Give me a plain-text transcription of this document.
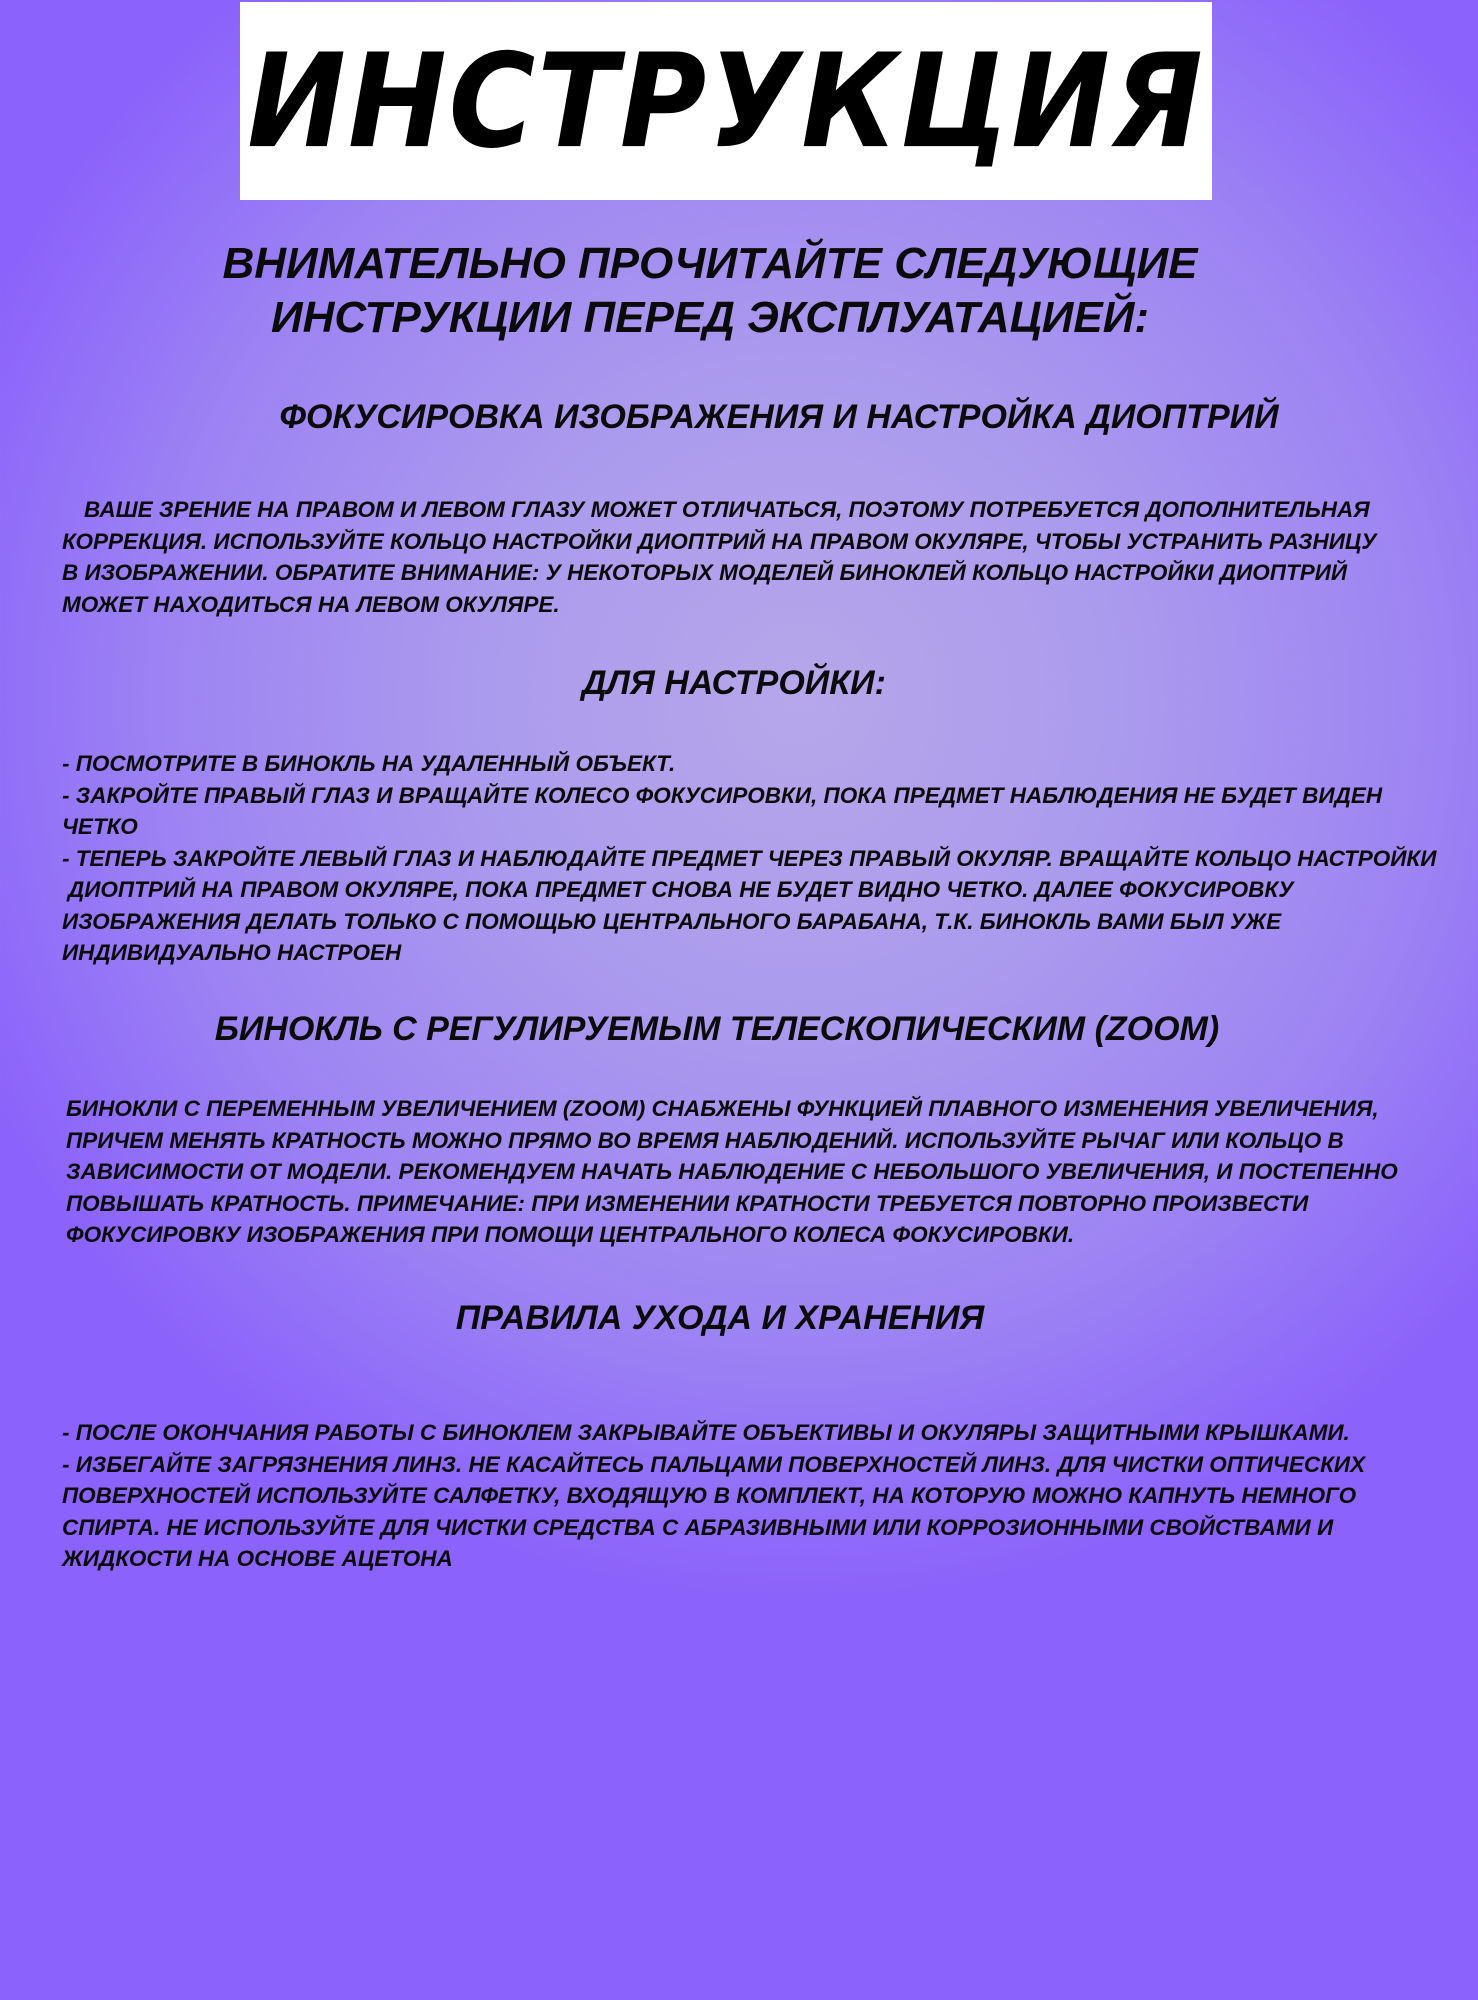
ИНСТРУКЦИЯ
ВНИМАТЕЛЬНО ПРОЧИТАЙТЕ СЛЕДУЮЩИЕ
ИНСТРУКЦИИ ПЕРЕД ЭКСПЛУАТАЦИЕЙ:
ФОКУСИРОВКА ИЗОБРАЖЕНИЯ И НАСТРОЙКА ДИОПТРИЙ
ВАШЕ ЗРЕНИЕ НА ПРАВОМ И ЛЕВОМ ГЛАЗУ МОЖЕТ ОТЛИЧАТЬСЯ, ПОЭТОМУ ПОТРЕБУЕТСЯ ДОПОЛНИТЕЛЬНАЯ
КОРРЕКЦИЯ. ИСПОЛЬЗУЙТЕ КОЛЬЦО НАСТРОЙКИ ДИОПТРИЙ НА ПРАВОМ ОКУЛЯРЕ, ЧТОБЫ УСТРАНИТЬ РАЗНИЦУ
В ИЗОБРАЖЕНИИ. ОБРАТИТЕ ВНИМАНИЕ: У НЕКОТОРЫХ МОДЕЛЕЙ БИНОКЛЕЙ КОЛЬЦО НАСТРОЙКИ ДИОПТРИЙ
МОЖЕТ НАХОДИТЬСЯ НА ЛЕВОМ ОКУЛЯРЕ.
ДЛЯ НАСТРОЙКИ:
- ПОСМОТРИТЕ В БИНОКЛЬ НА УДАЛЕННЫЙ ОБЪЕКТ.
- ЗАКРОЙТЕ ПРАВЫЙ ГЛАЗ И ВРАЩАЙТЕ КОЛЕСО ФОКУСИРОВКИ, ПОКА ПРЕДМЕТ НАБЛЮДЕНИЯ НЕ БУДЕТ ВИДЕН
ЧЕТКО
- ТЕПЕРЬ ЗАКРОЙТЕ ЛЕВЫЙ ГЛАЗ И НАБЛЮДАЙТЕ ПРЕДМЕТ ЧЕРЕЗ ПРАВЫЙ ОКУЛЯР. ВРАЩАЙТЕ КОЛЬЦО НАСТРОЙКИ
ДИОПТРИЙ НА ПРАВОМ ОКУЛЯРЕ, ПОКА ПРЕДМЕТ СНОВА НЕ БУДЕТ ВИДНО ЧЕТКО. ДАЛЕЕ ФОКУСИРОВКУ
ИЗОБРАЖЕНИЯ ДЕЛАТЬ ТОЛЬКО С ПОМОЩЬЮ ЦЕНТРАЛЬНОГО БАРАБАНА, Т.К. БИНОКЛЬ ВАМИ БЫЛ УЖЕ
ИНДИВИДУАЛЬНО НАСТРОЕН
БИНОКЛЬ С РЕГУЛИРУЕМЫМ ТЕЛЕСКОПИЧЕСКИМ (ZOOM)
БИНОКЛИ С ПЕРЕМЕННЫМ УВЕЛИЧЕНИЕМ (ZOOM) СНАБЖЕНЫ ФУНКЦИЕЙ ПЛАВНОГО ИЗМЕНЕНИЯ УВЕЛИЧЕНИЯ,
ПРИЧЕМ МЕНЯТЬ КРАТНОСТЬ МОЖНО ПРЯМО ВО ВРЕМЯ НАБЛЮДЕНИЙ. ИСПОЛЬЗУЙТЕ РЫЧАГ ИЛИ КОЛЬЦО В
ЗАВИСИМОСТИ ОТ МОДЕЛИ. РЕКОМЕНДУЕМ НАЧАТЬ НАБЛЮДЕНИЕ С НЕБОЛЬШОГО УВЕЛИЧЕНИЯ, И ПОСТЕПЕННО
ПОВЫШАТЬ КРАТНОСТЬ. ПРИМЕЧАНИЕ: ПРИ ИЗМЕНЕНИИ КРАТНОСТИ ТРЕБУЕТСЯ ПОВТОРНО ПРОИЗВЕСТИ
ФОКУСИРОВКУ ИЗОБРАЖЕНИЯ ПРИ ПОМОЩИ ЦЕНТРАЛЬНОГО КОЛЕСА ФОКУСИРОВКИ.
ПРАВИЛА УХОДА И ХРАНЕНИЯ
- ПОСЛЕ ОКОНЧАНИЯ РАБОТЫ С БИНОКЛЕМ ЗАКРЫВАЙТЕ ОБЪЕКТИВЫ И ОКУЛЯРЫ ЗАЩИТНЫМИ КРЫШКАМИ.
- ИЗБЕГАЙТЕ ЗАГРЯЗНЕНИЯ ЛИНЗ. НЕ КАСАЙТЕСЬ ПАЛЬЦАМИ ПОВЕРХНОСТЕЙ ЛИНЗ. ДЛЯ ЧИСТКИ ОПТИЧЕСКИХ
ПОВЕРХНОСТЕЙ ИСПОЛЬЗУЙТЕ САЛФЕТКУ, ВХОДЯЩУЮ В КОМПЛЕКТ, НА КОТОРУЮ МОЖНО КАПНУТЬ НЕМНОГО
СПИРТА. НЕ ИСПОЛЬЗУЙТЕ ДЛЯ ЧИСТКИ СРЕДСТВА С АБРАЗИВНЫМИ ИЛИ КОРРОЗИОННЫМИ СВОЙСТВАМИ И
ЖИДКОСТИ НА ОСНОВЕ АЦЕТОНА
